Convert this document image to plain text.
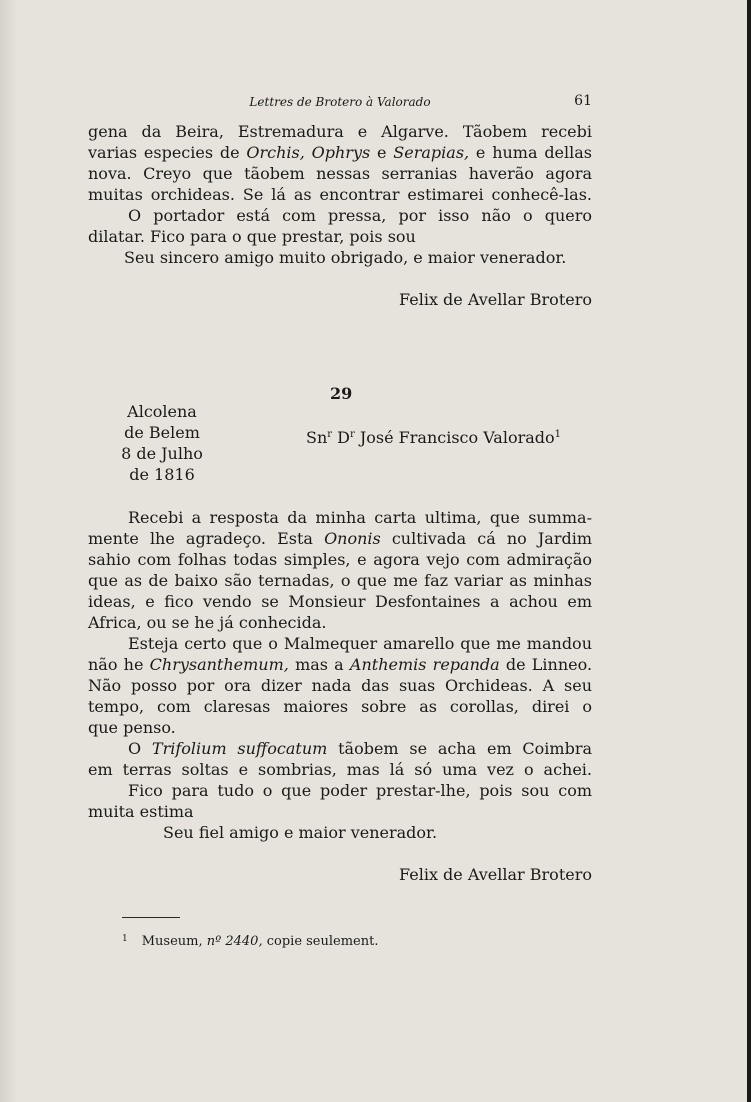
Lettres de Brotero à Valorado	61
gena da Beira, Estremadura e Algarve. Tãobem recebi
varias especies de Orchis, Ophrys e Serapias, e huma dellas
nova. Creyo que tãobem nessas serranias haverão agora
muitas orchideas. Se lá as encontrar estimarei conhecê-las.
O portador está com pressa, por isso não o quero
dilatar. Fico para o que prestar, pois sou
Seu sincero amigo muito obrigado, e maior venerador.
Felix de Avellar Brotero
29
Alcolena
de Belem
8 de Julho
de 1816
Sn$^r$ $D^r$ José Francisco Valorado$^1$
Recebi a resposta da minha carta ultima, que summa-
mente lhe agradeço. Esta Ononis cultivada cá no Jardim
sahio com folhas todas simples, e agora vejo com admiração
que as de baixo são ternadas, o que me faz variar as minhas
ideas, e fico vendo se Monsieur Desfontaines a achou em
Africa, ou se he já conhecida.
Esteja certo que o Malmequer amarello que me mandou
não he Chrysanthemum, mas a Anthemis repanda de Linneo.
Não posso por ora dizer nada das suas Orchideas. A seu
tempo, com claresas maiores sobre as corollas, direi o
que penso.
O Trifolium suffocatum tãobem se acha em Coimbra
em terras soltas e sombrias, mas lá só uma vez o achei.
Fico para tudo o que poder prestar-lhe, pois sou com
muita estima
Seu fiel amigo e maior venerador.
Felix de Avellar Brotero
$^1$ Museum, nº 2440, copie seulement.
